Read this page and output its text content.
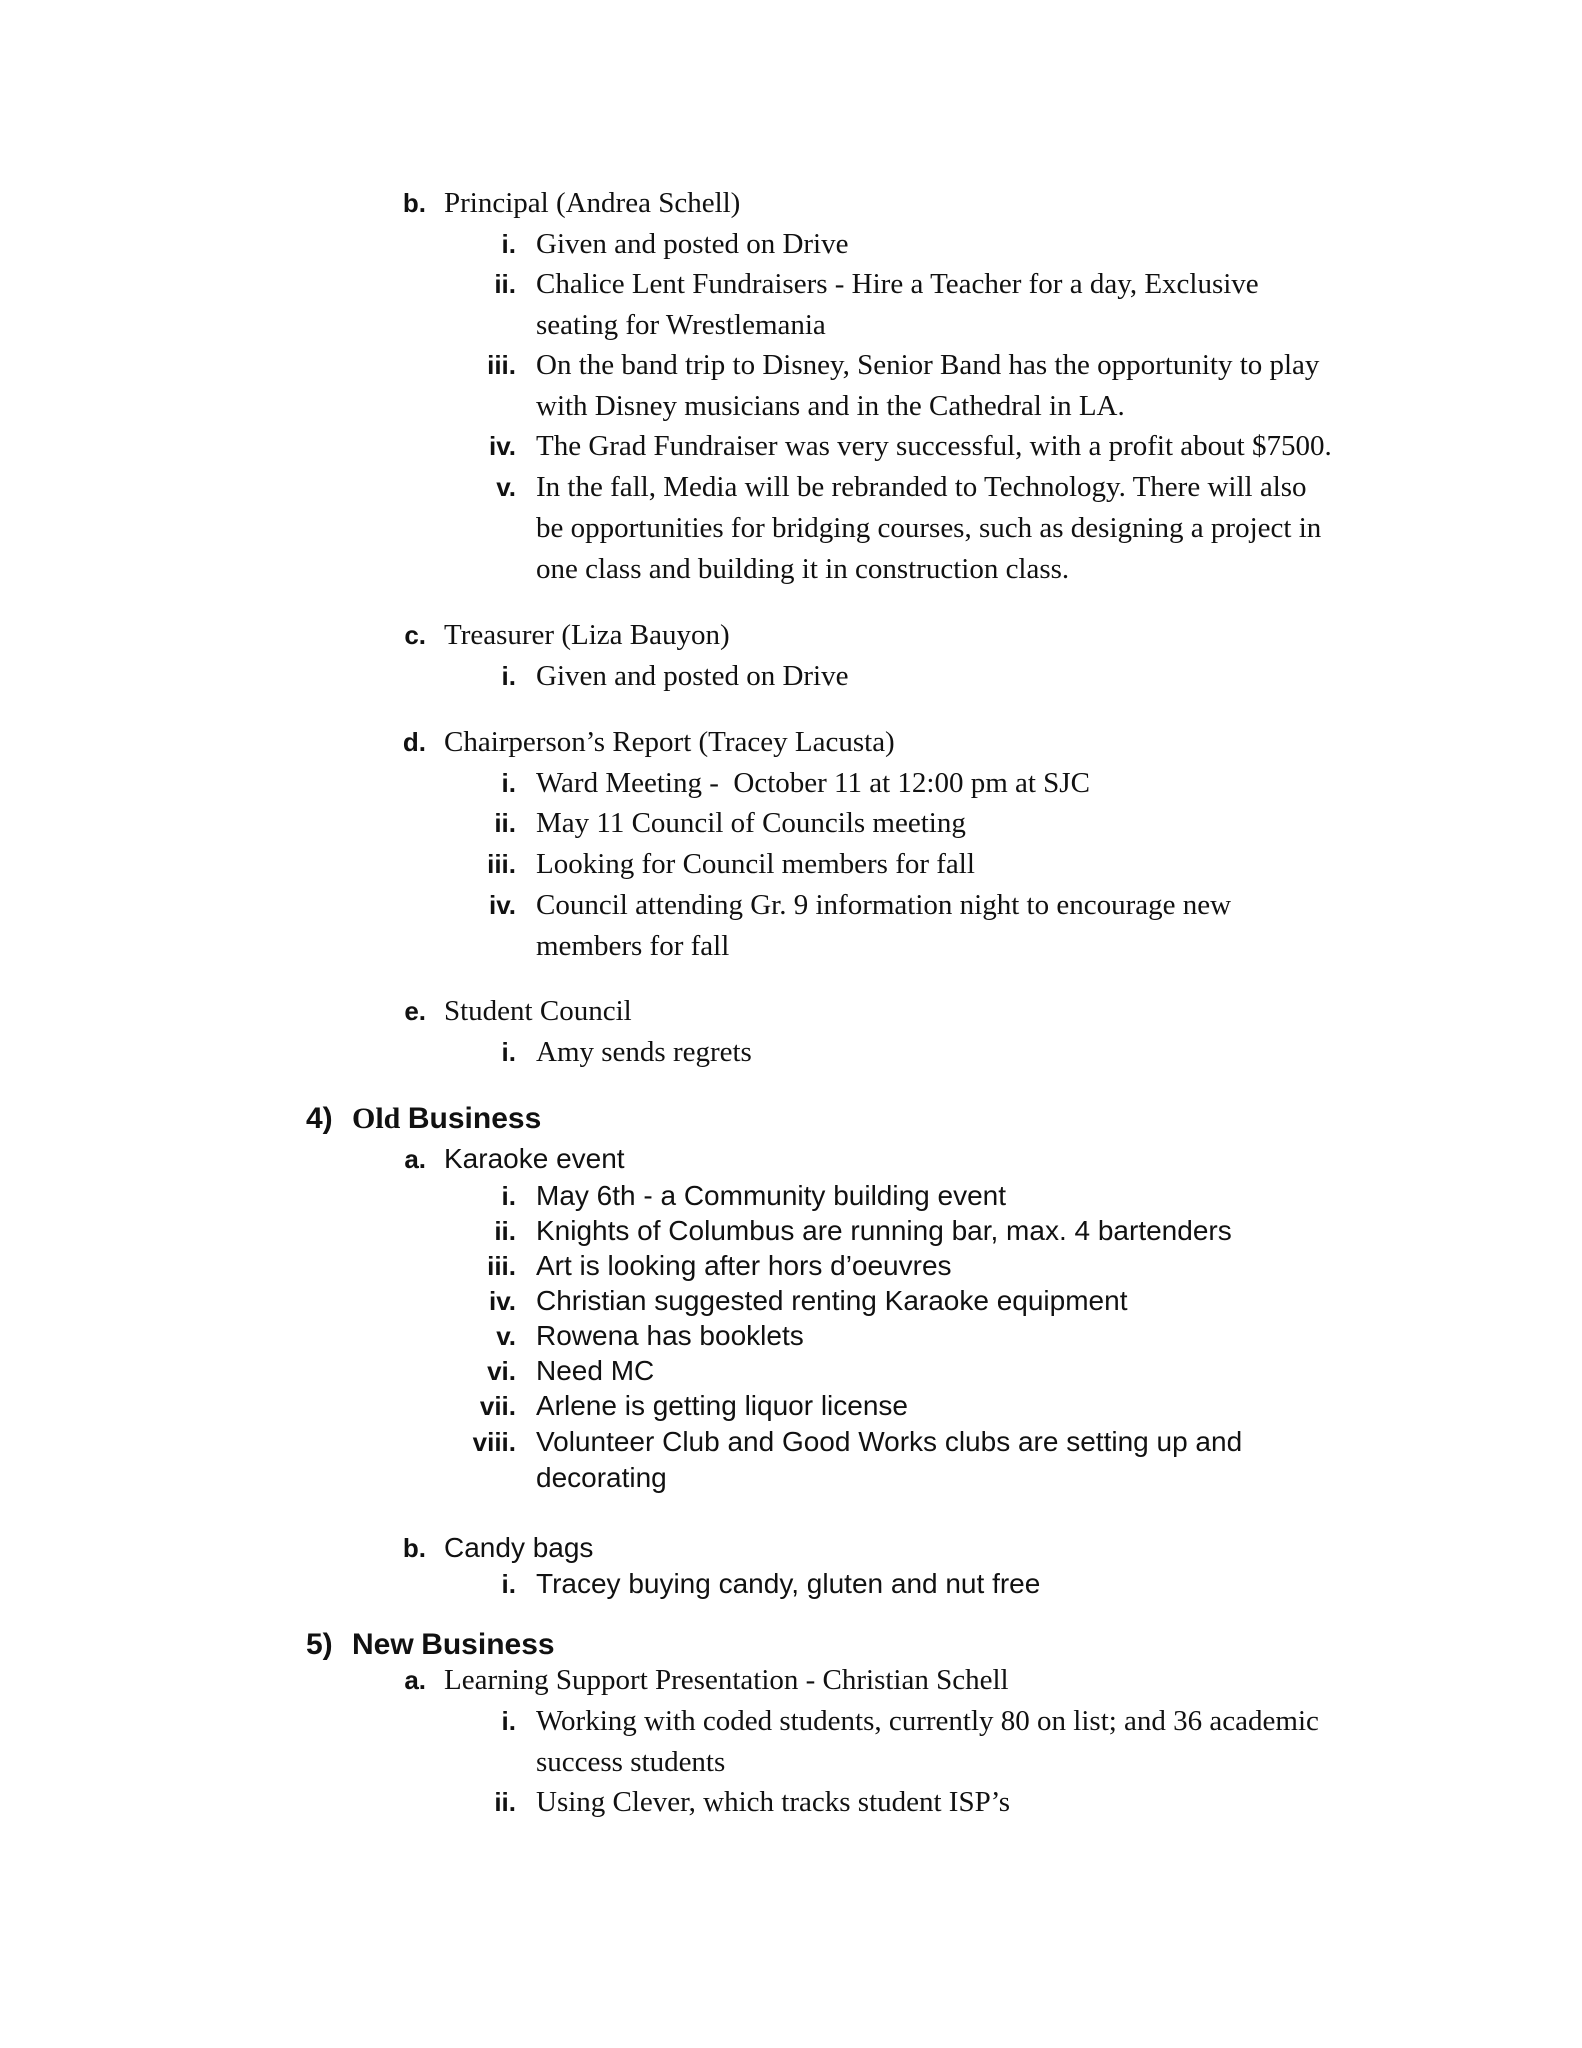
b. Principal (Andrea Schell)
i. Given and posted on Drive
ii. Chalice Lent Fundraisers - Hire a Teacher for a day, Exclusive
seating for Wrestlemania
iii. On the band trip to Disney, Senior Band has the opportunity to play
with Disney musicians and in the Cathedral in LA.
iv. The Grad Fundraiser was very successful, with a profit about $7500.
v. In the fall, Media will be rebranded to Technology. There will also
be opportunities for bridging courses, such as designing a project in
one class and building it in construction class.
c. Treasurer (Liza Bauyon)
i. Given and posted on Drive
d. Chairperson’s Report (Tracey Lacusta)
i. Ward Meeting -  October 11 at 12:00 pm at SJC
ii. May 11 Council of Councils meeting
iii. Looking for Council members for fall
iv. Council attending Gr. 9 information night to encourage new
members for fall
e. Student Council
i. Amy sends regrets
4) Old Business
a. Karaoke event
i. May 6th - a Community building event
ii. Knights of Columbus are running bar, max. 4 bartenders
iii. Art is looking after hors d’oeuvres
iv. Christian suggested renting Karaoke equipment
v. Rowena has booklets
vi. Need MC
vii. Arlene is getting liquor license
viii. Volunteer Club and Good Works clubs are setting up and
decorating
b. Candy bags
i. Tracey buying candy, gluten and nut free
5) New Business
a. Learning Support Presentation - Christian Schell
i. Working with coded students, currently 80 on list; and 36 academic
success students
ii. Using Clever, which tracks student ISP’s
